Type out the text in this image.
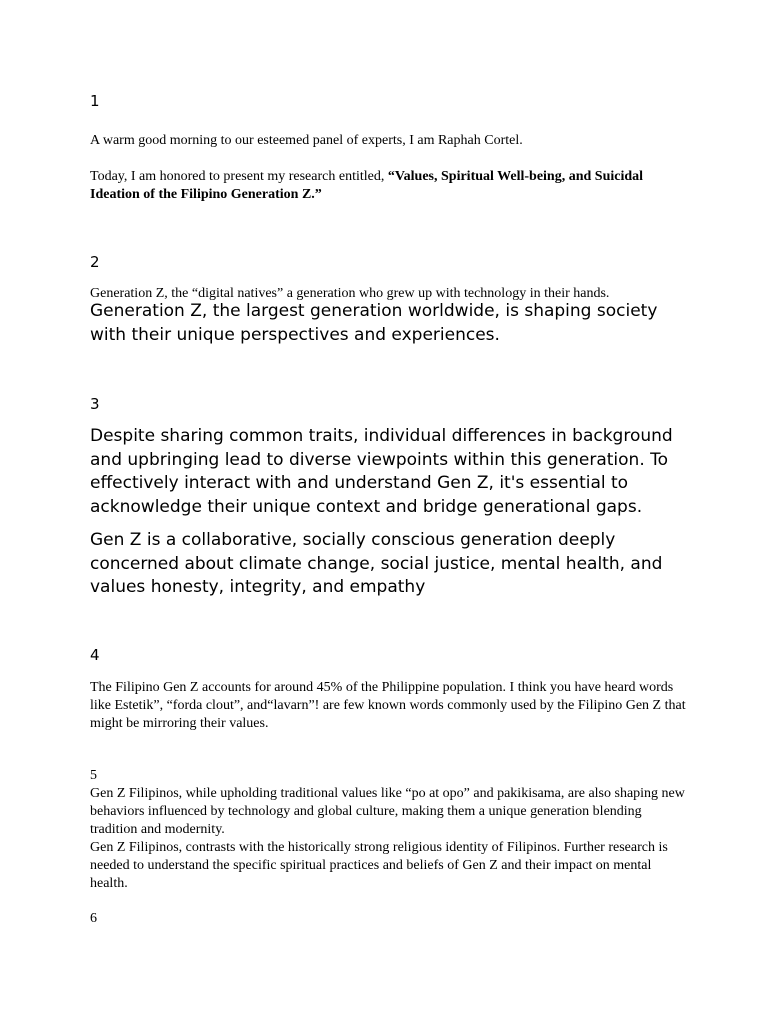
1

A warm good morning to our esteemed panel of experts, I am Raphah Cortel.

Today, I am honored to present my research entitled, “Values, Spiritual Well-being, and Suicidal Ideation of the Filipino Generation Z.”

2

Generation Z, the “digital natives” a generation who grew up with technology in their hands.

Generation Z, the largest generation worldwide, is shaping society with their unique perspectives and experiences.

3

Despite sharing common traits, individual differences in background and upbringing lead to diverse viewpoints within this generation. To effectively interact with and understand Gen Z, it's essential to acknowledge their unique context and bridge generational gaps.

Gen Z is a collaborative, socially conscious generation deeply concerned about climate change, social justice, mental health, and values honesty, integrity, and empathy

4

The Filipino Gen Z accounts for around 45% of the Philippine population. I think you have heard words like Estetik”, “forda clout”, and“lavarn”! are few known words commonly used by the Filipino Gen Z that might be mirroring their values.

5

Gen Z Filipinos, while upholding traditional values like “po at opo” and pakikisama, are also shaping new behaviors influenced by technology and global culture, making them a unique generation blending tradition and modernity.

Gen Z Filipinos, contrasts with the historically strong religious identity of Filipinos. Further research is needed to understand the specific spiritual practices and beliefs of Gen Z and their impact on mental health.

6
